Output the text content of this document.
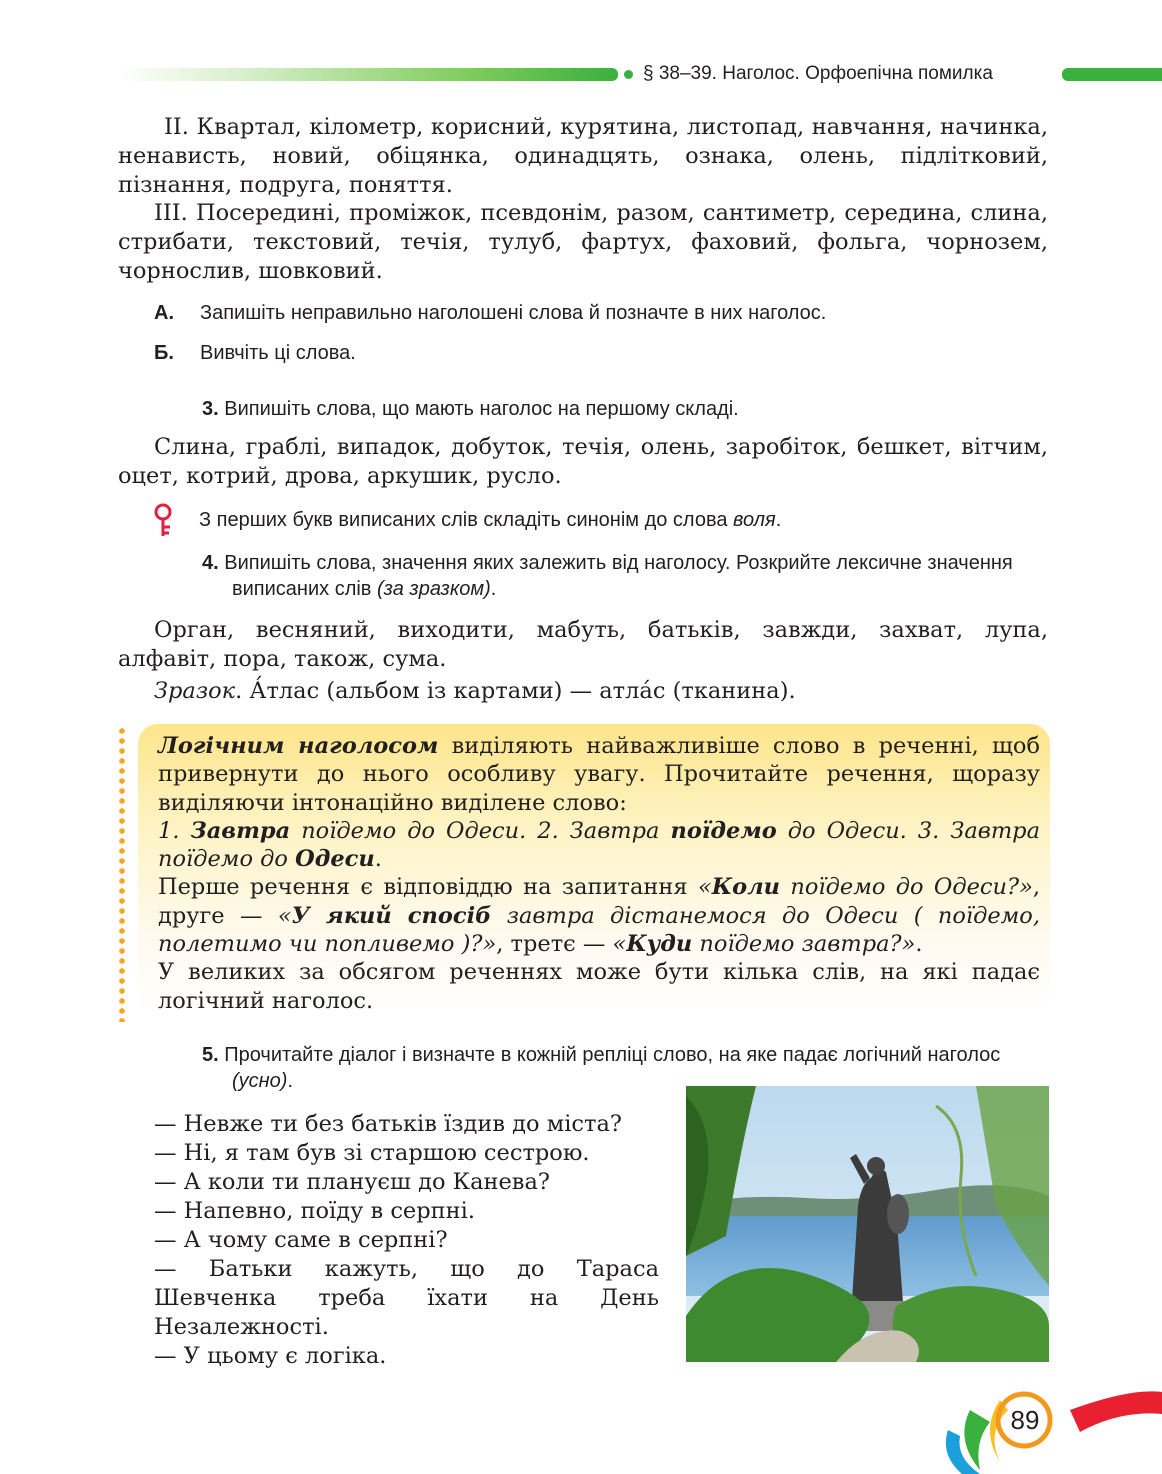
§ 38–39. Наголос. Орфоепічна помилка

ІІ. Квартал, кілометр, корисний, курятина, листопад, навчання, начинка, ненависть, новий, обіцянка, одинадцять, ознака, олень, підлітковий, пізнання, подруга, поняття.

ІІІ. Посередині, проміжок, псевдонім, разом, сантиметр, середина, слина, стрибати, текстовий, течія, тулуб, фартух, фаховий, фольга, чорнозем, чорнослив, шовковий.

А. Запишіть неправильно наголошені слова й позначте в них наголос.

Б. Вивчіть ці слова.

3. Випишіть слова, що мають наголос на першому складі.

Слина, граблі, випадок, добуток, течія, олень, заробіток, бешкет, вітчим, оцет, котрий, дрова, аркушик, русло.

З перших букв виписаних слів складіть синонім до слова воля.

4. Випишіть слова, значення яких залежить від наголосу. Розкрийте лексичне значення виписаних слів (за зразком).

Орган, весняний, виходити, мабуть, батьків, завжди, захват, лупа, алфавіт, пора, також, сума.

Зразок. А́тлас (альбом із картами) — атла́с (тканина).

Логічним наголосом виділяють найважливіше слово в реченні, щоб привернути до нього особливу увагу. Прочитайте речення, щоразу виділяючи інтонаційно виділене слово:

1. Завтра поїдемо до Одеси. 2. Завтра поїдемо до Одеси. 3. Завтра поїдемо до Одеси.

Перше речення є відповіддю на запитання «Коли поїдемо до Одеси?», друге — «У який спосіб завтра дістанемося до Одеси ( поїдемо, полетимо чи попливемо )?», третє — «Куди поїдемо завтра?».

У великих за обсягом реченнях може бути кілька слів, на які падає логічний наголос.

5. Прочитайте діалог і визначте в кожній репліці слово, на яке падає логічний наголос (усно).

— Невже ти без батьків їздив до міста?

— Ні, я там був зі старшою сестрою.

— А коли ти плануєш до Канева?

— Напевно, поїду в серпні.

— А чому саме в серпні?

— Батьки кажуть, що до Тараса Шевченка треба їхати на День Незалежності.

— У цьому є логіка.

89
